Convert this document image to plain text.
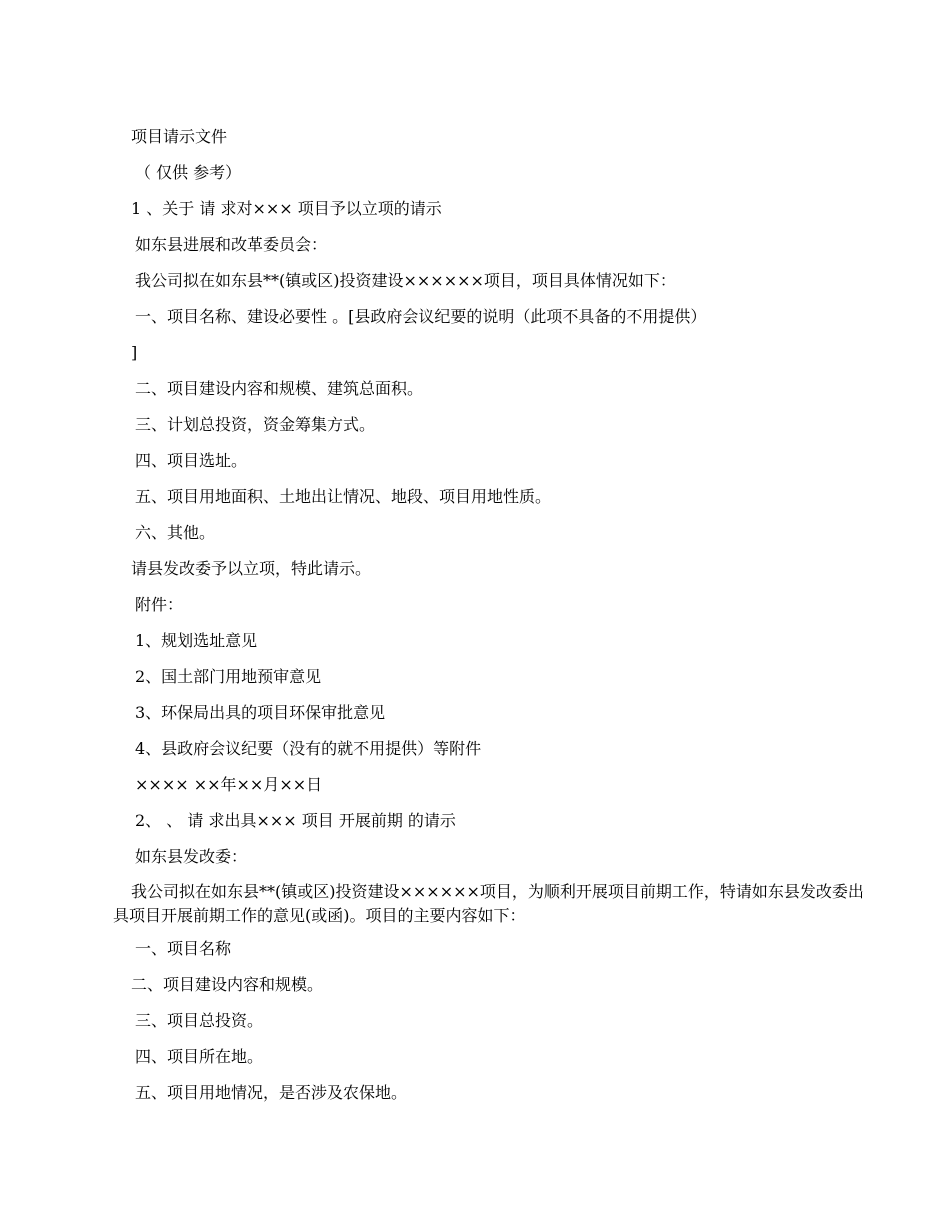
项目请示文件
（ 仅供 参考）
1 、关于 请 求对××× 项目予以立项的请示
如东县进展和改革委员会：
我公司拟在如东县**(镇或区)投资建设××××××项目，项目具体情况如下：
一、项目名称、建设必要性 。[县政府会议纪要的说明（此项不具备的不用提供）
]
二、项目建设内容和规模、建筑总面积。
三、计划总投资，资金筹集方式。
四、项目选址。
五、项目用地面积、土地出让情况、地段、项目用地性质。
六、其他。
请县发改委予以立项，特此请示。
附件：
1、规划选址意见
2、国土部门用地预审意见
3、环保局出具的项目环保审批意见
4、县政府会议纪要（没有的就不用提供）等附件
×××× ××年××月××日
2、 、 请 求出具××× 项目 开展前期 的请示
如东县发改委：
我公司拟在如东县**(镇或区)投资建设××××××项目，为顺利开展项目前期工作，特请如东县发改委出具项目开展前期工作的意见(或函)。项目的主要内容如下：
一、项目名称
二、项目建设内容和规模。
三、项目总投资。
四、项目所在地。
五、项目用地情况，是否涉及农保地。
